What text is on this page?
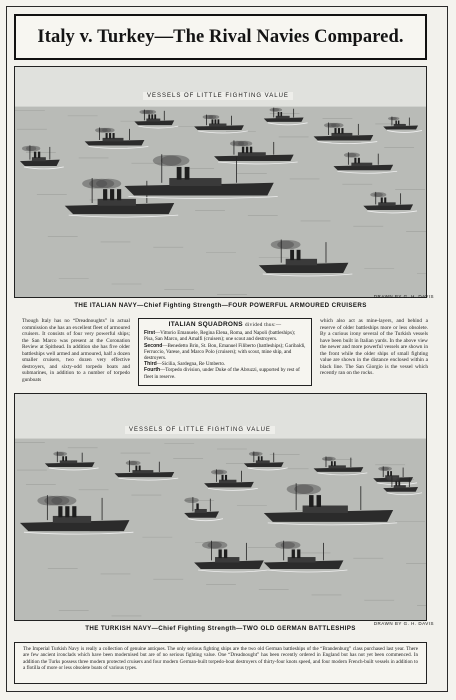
Italy v. Turkey—The Rival Navies Compared.
VESSELS OF LITTLE FIGHTING VALUE
THE ITALIAN NAVY—Chief Fighting Strength—FOUR POWERFUL ARMOURED CRUISERS
DRAWN BY G. H. DAVIS
Though Italy has no “Dreadnoughts” in actual commission she has an excellent fleet of armoured cruisers. It consists of four very powerful ships; the San Marco was present at the Coronation Review at Spithead. In addition she has five older battleships well armed and armoured, half a dozen smaller cruisers, two dozen very effective destroyers, and sixty-odd torpedo boats and submarines, in addition to a number of torpedo gunboats
ITALIAN SQUADRONS divided thus:—

First—Vittorio Emanuele, Regina Elena, Roma, and Napoli (battleships); Pisa, San Marco, and Amalfi (cruisers); one scout and destroyers.

Second—Benedetto Brin, St. Bon, Emanuel Filiberto (battleships); Garibaldi, Ferruccio, Varese, and Marco Polo (cruisers); with scout, mine ship, and destroyers.

Third—Sicilia, Sardegna, Re Umberto.

Fourth—Torpedo division, under Duke of the Abruzzi, supported by rest of fleet in reserve.

which also act as mine-layers, and behind a reserve of older battleships more or less obsolete. By a curious irony several of the Turkish vessels have been built in Italian yards. In the above view the newer and more powerful vessels are shown in the front while the older ships of small fighting value are shown in the distance enclosed within a black line. The San Giorgio is the vessel which recently ran on the rocks.
VESSELS OF LITTLE FIGHTING VALUE
THE TURKISH NAVY—Chief Fighting Strength—TWO OLD GERMAN BATTLESHIPS
DRAWN BY G. H. DAVIS
The Imperial Turkish Navy is really a collection of genuine antiques. The only serious fighting ships are the two old German battleships of the “Brandenburg” class purchased last year. There are few ancient ironclads which have been modernised but are of no serious fighting value. One “Dreadnought” has been recently ordered in England but has not yet been commenced. In addition the Turks possess three modern protected cruisers and four modern German-built torpedo-boat destroyers of thirty-four knots speed, and four modern French-built vessels in addition to a flotilla of more or less obsolete boats of various types.
